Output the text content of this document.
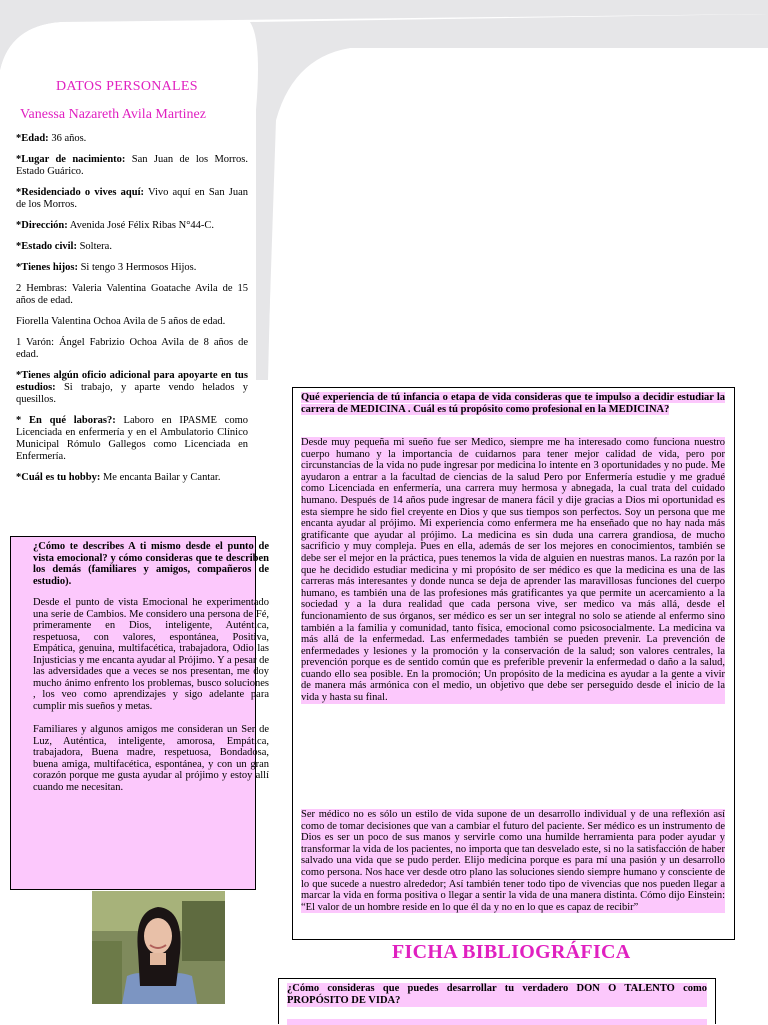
DATOS PERSONALES
Vanessa Nazareth Avila Martinez

*Edad: 36 años.

*Lugar de nacimiento: San Juan de los Morros. Estado Guárico.

*Residenciado o vives aquí: Vivo aquí en San Juan de los Morros.

*Dirección: Avenida José Félix Ribas N°44-C.

*Estado civil: Soltera.

*Tienes hijos: Si tengo 3 Hermosos Hijos.

2 Hembras: Valeria Valentina Goatache Avila de 15 años de edad.

Fiorella Valentina Ochoa Avila de 5 años de edad.

1 Varón: Ángel Fabrizio Ochoa Avila de 8 años de edad.

*Tienes algún oficio adicional para apoyarte en tus estudios: Si trabajo, y aparte vendo helados y quesillos.

* En qué laboras?: Laboro en IPASME como Licenciada en enfermería y en el Ambulatorio Clínico Municipal Rómulo Gallegos como Licenciada en Enfermería.

*Cuál es tu hobby: Me encanta Bailar y Cantar.

¿Cómo te describes A ti mismo desde el punto de vista emocional? y cómo consideras que te describen los demás (familiares y amigos, compañeros de estudio).

Desde el punto de vista Emocional he experimentado una serie de Cambios. Me considero una persona de Fé, primeramente en Dios, inteligente, Auténtica, respetuosa, con valores, espontánea, Positiva, Empática, genuina, multifacética, trabajadora, Odio las Injusticias y me encanta ayudar al Prójimo. Y a pesar de las adversidades que a veces se nos presentan, me doy mucho ánimo enfrento los problemas, busco soluciones , los veo como aprendizajes y sigo adelante para cumplir mis sueños y metas.

Familiares y algunos amigos me consideran un Ser de Luz, Auténtica, inteligente, amorosa, Empática, trabajadora, Buena madre, respetuosa, Bondadosa, buena amiga, multifacética, espontánea, y con un gran corazón porque me gusta ayudar al prójimo y estoy allí cuando me necesitan.

Qué experiencia de tú infancia o etapa de vida consideras que te impulso a decidir estudiar la carrera de MEDICINA . Cuál es tú propósito como profesional en la MEDICINA?
Desde muy pequeña mi sueño fue ser Medico, siempre me ha interesado como funciona nuestro cuerpo humano y la importancia de cuidarnos para tener mejor calidad de vida, pero por circunstancias de la vida no pude ingresar por medicina lo intente en 3 oportunidades y no pude. Me ayudaron a entrar a la facultad de ciencias de la salud Pero por Enfermería estudie y me gradué como Licenciada en enfermería, una carrera muy hermosa y abnegada, la cual trata del cuidado humano. Después de 14 años pude ingresar de manera fácil y dije gracias a Dios mi oportunidad es esta siempre he sido fiel creyente en Dios y que sus tiempos son perfectos. Soy un persona que me encanta ayudar al prójimo. Mi experiencia como enfermera me ha enseñado que no hay nada más gratificante que ayudar al prójimo. La medicina es sin duda una carrera grandiosa, de mucho sacrificio y muy compleja. Pues en ella, además de ser los mejores en conocimientos, también se debe ser el mejor en la práctica, pues tenemos la vida de alguien en nuestras manos. La razón por la que he decidido estudiar medicina y mi propósito de ser médico es que la medicina es una de las carreras más interesantes y donde nunca se deja de aprender las maravillosas funciones del cuerpo humano, es también una de las profesiones más gratificantes ya que permite un acercamiento a la sociedad y a la dura realidad que cada persona vive, ser medico va más allá, desde el funcionamiento de sus órganos, ser médico es ser un ser integral no solo se atiende al enfermo sino también a la familia y comunidad, tanto física, emocional como psicosocialmente. La medicina va más allá de la enfermedad. Las enfermedades también se pueden prevenir. La prevención de enfermedades y lesiones y la promoción y la conservación de la salud; son valores centrales, la prevención porque es de sentido común que es preferible prevenir la enfermedad o daño a la salud, cuando ello sea posible. En la promoción; Un propósito de la medicina es ayudar a la gente a vivir de manera más armónica con el medio, un objetivo que debe ser perseguido desde el inicio de la vida y hasta su final.
Ser médico no es sólo un estilo de vida supone de un desarrollo individual y de una reflexión así como de tomar decisiones que van a cambiar el futuro del paciente. Ser médico es un instrumento de Dios es ser un poco de sus manos y servirle como una humilde herramienta para poder ayudar y transformar la vida de los pacientes, no importa que tan desvelado este, si no la satisfacción de haber salvado una vida que se pudo perder. Elijo medicina porque es para mí una pasión y un desarrollo como persona. Nos hace ver desde otro plano las soluciones siendo siempre humano y consciente de lo que sucede a nuestro alrededor; Así también tener todo tipo de vivencias que nos pueden llegar a marcar la vida en forma positiva o llegar a sentir la vida de una manera distinta. Cómo dijo Einstein: “El valor de un hombre reside en lo que él da y no en lo que es capaz de recibir”
FICHA BIBLIOGRÁFICA
¿Cómo consideras que puedes desarrollar tu verdadero DON O TALENTO como PROPÓSITO DE VIDA?
